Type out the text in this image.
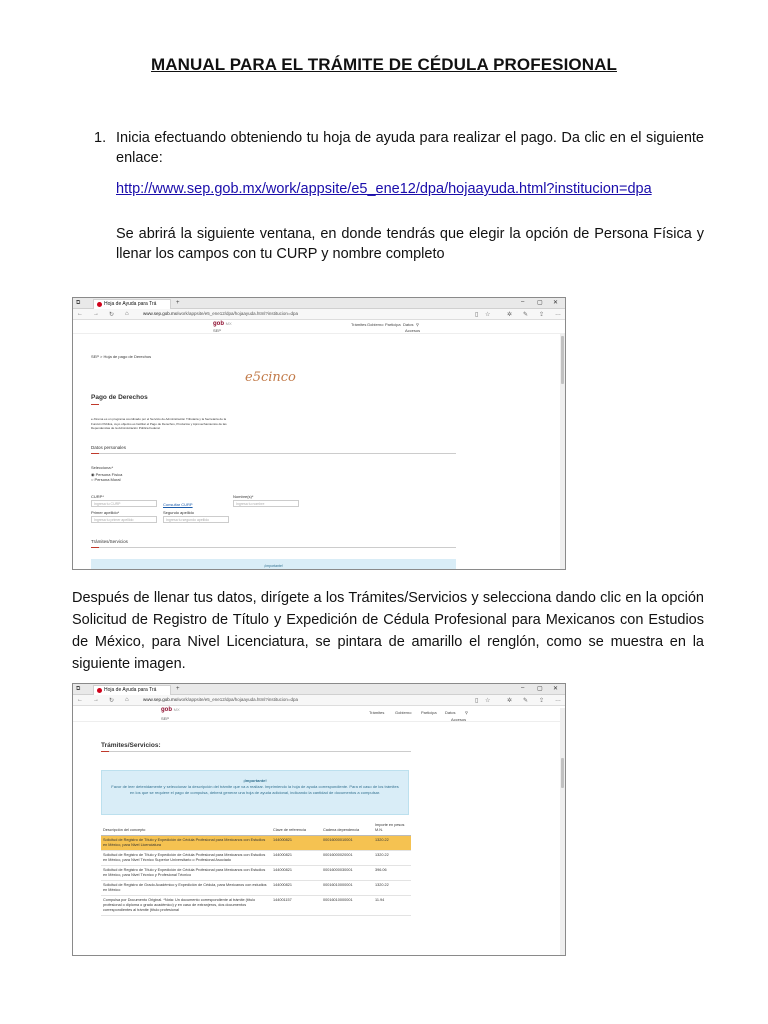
MANUAL PARA EL TRÁMITE DE CÉDULA PROFESIONAL
1. Inicia efectuando obteniendo tu hoja de ayuda para realizar el pago. Da clic en el siguiente enlace:
http://www.sep.gob.mx/work/appsite/e5_ene12/dpa/hojaayuda.html?institucion=dpa
Se abrirá la siguiente ventana, en donde tendrás que elegir la opción de Persona Física y llenar los campos con tu CURP y nombre completo
⧉	Hoja de Ayuda para Trá	+	– ▢ ✕
← → ↻ ⌂	www.sep.gob.mx/work/appsite/e5_ene12/dpa/hojaayuda.html?institucion=dpa	▯ ☆	✲ ✎ ⇪ …
gob MX
SEP
Trámites Gobierno Participa Datos ⚲
Accesos
SEP > Hoja de pago de Derechos
e5cinco
Pago de Derechos
e-Xtrema es un programa coordinado por el Servicio de Administración Tributaria y la Secretaría de la Función Pública, cuyo objetivo es facilitar el Pago de Derechos, Productos y Aprovechamientos de las Dependencias de la Administración Pública Federal.
Datos personales
Selecciona:*
◉ Persona Física
○ Persona Moral
CURP*
Ingresa tu CURP	Consultar CURP
Nombre(s)*
Ingresa tu nombre
Primer apellido*
Ingresa tu primer apellido
Segundo apellido
Ingresa tu segundo apellido
Trámites/Servicios
¡Importante!
Después de llenar tus datos, dirígete a los Trámites/Servicios y selecciona dando clic en la opción Solicitud de Registro de Título y Expedición de Cédula Profesional para Mexicanos con Estudios de México, para Nivel Licenciatura, se pintara de amarillo el renglón, como se muestra en la siguiente imagen.
⧉	Hoja de Ayuda para Trá	+	– ▢ ✕
← → ↻ ⌂	www.sep.gob.mx/work/appsite/e5_ene12/dpa/hojaayuda.html?institucion=dpa	▯ ☆	✲ ✎ ⇪ …
gob MX
SEP
Trámites	Gobierno Participa Datos ⚲
Accesos
Trámites/Servicios:
¡Importante!
Favor de leer detenidamente y seleccionar la descripción del trámite que va a realizar. Imprimiendo la hoja de ayuda correspondiente. Para el caso de los trámites en los que se requiere el pago de compulsa, deberá generar una hoja de ayuda adicional, indicando la cantidad de documentos a compulsar.
Descripción del concepto	Clave de referencia	Cadena dependencia	Importe en pesos M.N.
Solicitud de Registro de Título y Expedición de Cédula Profesional para Mexicanos con Estudios en México, para Nivel Licenciatura	144000821	00016000010001	1320.22
Solicitud de Registro de Título y Expedición de Cédula Profesional para Mexicanos con Estudios en México, para Nivel Técnico Superior Universitario o Profesional Asociado	144000821	00016000020001	1320.22
Solicitud de Registro de Título y Expedición de Cédula Profesional para Mexicanos con Estudios en México, para Nivel Técnico y Profesional Técnico	144000821	00016000030001	396.06
Solicitud de Registro de Grado Académico y Expedición de Cédula, para Mexicanos con estudios en México	144000821	00016010000001	1320.22
Compulsa por Documento Original. *Nota: Un documento correspondiente al trámite (título profesional o diploma o grado académico) y en caso de extranjeros, dos documentos correspondientes al trámite (título profesional	144001157	00016010000001	11.94
